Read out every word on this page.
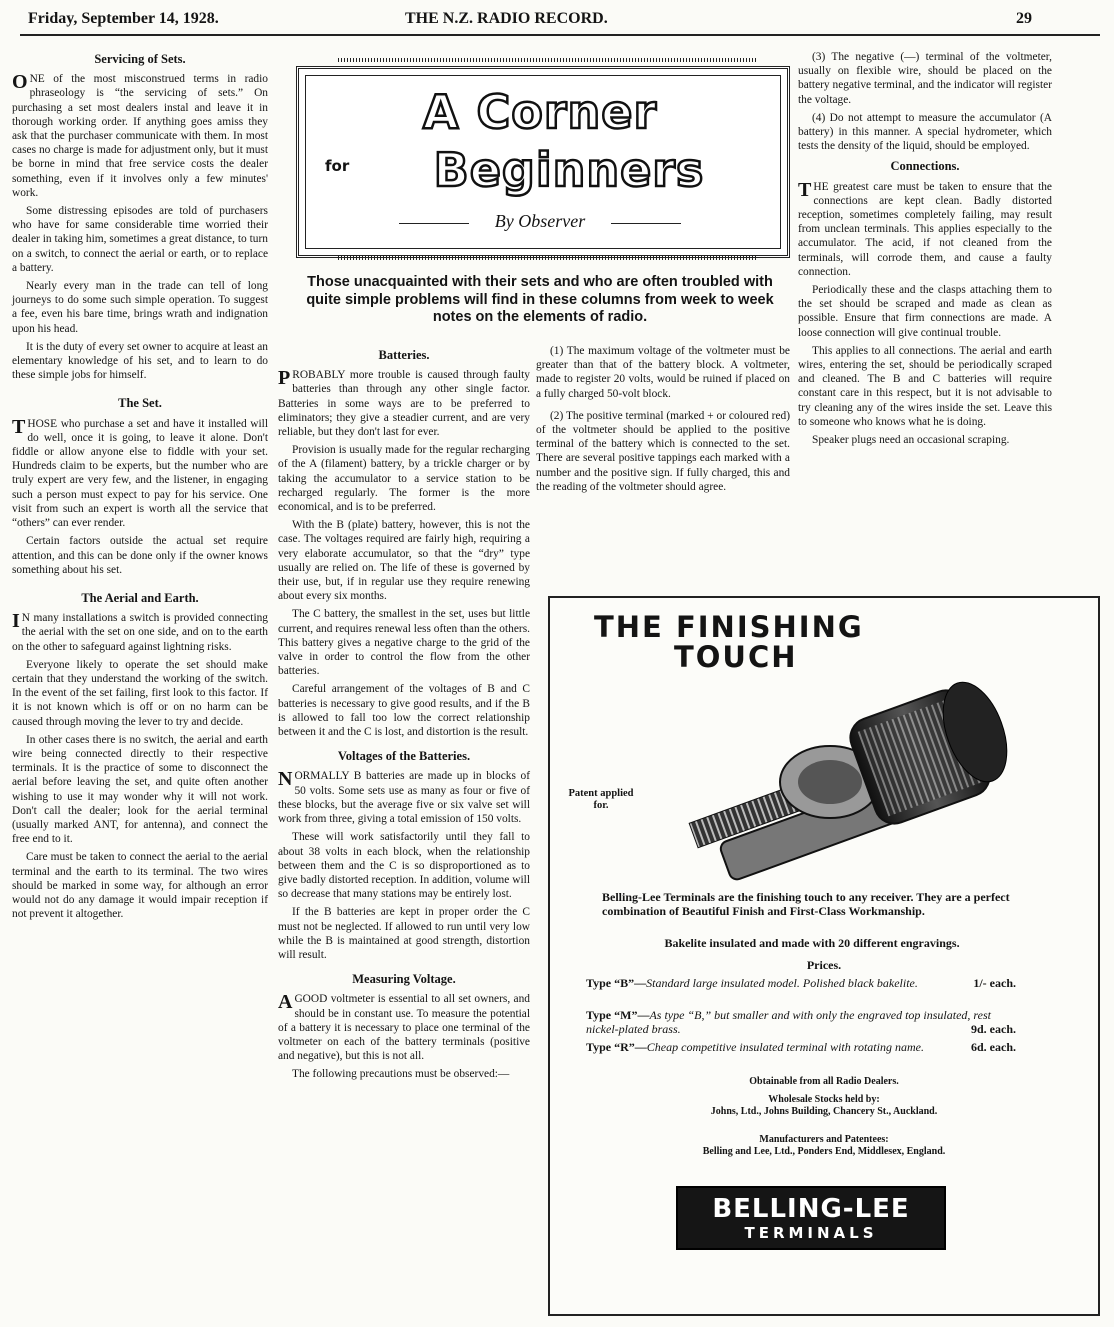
Friday, September 14, 1928.	THE N.Z. RADIO RECORD.	29
Servicing of Sets.

ONE of the most misconstrued terms in radio phraseology is “the servicing of sets.” On purchasing a set most dealers instal and leave it in thorough working order. If anything goes amiss they ask that the purchaser communicate with them. In most cases no charge is made for adjustment only, but it must be borne in mind that free service costs the dealer something, even if it involves only a few minutes' work.

Some distressing episodes are told of purchasers who have for same considerable time worried their dealer in taking him, sometimes a great distance, to turn on a switch, to connect the aerial or earth, or to replace a battery.

Nearly every man in the trade can tell of long journeys to do some such simple operation. To suggest a fee, even his bare time, brings wrath and indignation upon his head.

It is the duty of every set owner to acquire at least an elementary knowledge of his set, and to learn to do these simple jobs for himself.

The Set.

THOSE who purchase a set and have it installed will do well, once it is going, to leave it alone. Don't fiddle or allow anyone else to fiddle with your set. Hundreds claim to be experts, but the number who are truly expert are very few, and the listener, in engaging such a person must expect to pay for his service. One visit from such an expert is worth all the service that “others” can ever render.

Certain factors outside the actual set require attention, and this can be done only if the owner knows something about his set.

The Aerial and Earth.

I N many installations a switch is provided connecting the aerial with the set on one side, and on to the earth on the other to safeguard against lightning risks.

Everyone likely to operate the set should make certain that they understand the working of the switch. In the event of the set failing, first look to this factor. If it is not known which is off or on no harm can be caused through moving the lever to try and decide.

In other cases there is no switch, the aerial and earth wire being connected directly to their respective terminals. It is the practice of some to disconnect the aerial before leaving the set, and quite often another wishing to use it may wonder why it will not work. Don't call the dealer; look for the aerial terminal (usually marked ANT, for antenna), and connect the free end to it.

Care must be taken to connect the aerial to the aerial terminal and the earth to its terminal. The two wires should be marked in some way, for although an error would not do any damage it would impair reception if not prevent it altogether.

A Corner
for	Beginners
By Observer
Those unacquainted with their sets and who are often troubled with quite simple problems will find in these columns from week to week notes on the elements of radio.
Batteries.

PROBABLY more trouble is caused through faulty batteries than through any other single factor. Batteries in some ways are to be preferred to eliminators; they give a steadier current, and are very reliable, but they don't last for ever.

Provision is usually made for the regular recharging of the A (filament) battery, by a trickle charger or by taking the accumulator to a service station to be recharged regularly. The former is the more economical, and is to be preferred.

With the B (plate) battery, however, this is not the case. The voltages required are fairly high, requiring a very elaborate accumulator, so that the “dry” type usually are relied on. The life of these is governed by their use, but, if in regular use they require renewing about every six months.

The C battery, the smallest in the set, uses but little current, and requires renewal less often than the others. This battery gives a negative charge to the grid of the valve in order to control the flow from the other batteries.

Careful arrangement of the voltages of B and C batteries is necessary to give good results, and if the B is allowed to fall too low the correct relationship between it and the C is lost, and distortion is the result.

Voltages of the Batteries.

NORMALLY B batteries are made up in blocks of 50 volts. Some sets use as many as four or five of these blocks, but the average five or six valve set will work from three, giving a total emission of 150 volts.

These will work satisfactorily until they fall to about 38 volts in each block, when the relationship between them and the C is so disproportioned as to give badly distorted reception. In addition, volume will so decrease that many stations may be entirely lost.

If the B batteries are kept in proper order the C must not be neglected. If allowed to run until very low while the B is maintained at good strength, distortion will result.

Measuring Voltage.

AGOOD voltmeter is essential to all set owners, and should be in constant use. To measure the potential of a battery it is necessary to place one terminal of the voltmeter on each of the battery terminals (positive and negative), but this is not all.

The following precautions must be observed:—

(1) The maximum voltage of the voltmeter must be greater than that of the battery block. A voltmeter, made to register 20 volts, would be ruined if placed on a fully charged 50-volt block.

(2) The positive terminal (marked + or coloured red) of the voltmeter should be applied to the positive terminal of the battery which is connected to the set. There are several positive tappings each marked with a number and the positive sign. If fully charged, this and the reading of the voltmeter should agree.

(3) The negative (—) terminal of the voltmeter, usually on flexible wire, should be placed on the battery negative terminal, and the indicator will register the voltage.

(4) Do not attempt to measure the accumulator (A battery) in this manner. A special hydrometer, which tests the density of the liquid, should be employed.

Connections.

THE greatest care must be taken to ensure that the connections are kept clean. Badly distorted reception, sometimes completely failing, may result from unclean terminals. This applies especially to the accumulator. The acid, if not cleaned from the terminals, will corrode them, and cause a faulty connection.

Periodically these and the clasps attaching them to the set should be scraped and made as clean as possible. Ensure that firm connections are made. A loose connection will give continual trouble.

This applies to all connections. The aerial and earth wires, entering the set, should be periodically scraped and cleaned. The B and C batteries will require constant care in this respect, but it is not advisable to try cleaning any of the wires inside the set. Leave this to someone who knows what he is doing.

Speaker plugs need an occasional scraping.

THE FINISHING
TOUCH
Patent applied for.
Belling-Lee Terminals are the finishing touch to any receiver. They are a perfect combination of Beautiful Finish and First-Class Workmanship.
Bakelite insulated and made with 20 different engravings.
Prices.
Type “B”—Standard large insulated model. Polished black bakelite.	1/- each.
Type “M”—As type “B,” but smaller and with only the engraved top insulated, rest nickel-plated brass.	9d. each.
Type “R”—Cheap competitive insulated terminal with rotating name.	6d. each.
Obtainable from all Radio Dealers.
Wholesale Stocks held by:
Johns, Ltd., Johns Building, Chancery St., Auckland.
Manufacturers and Patentees:
Belling and Lee, Ltd., Ponders End, Middlesex, England.
BELLING-LEE
TERMINALS
